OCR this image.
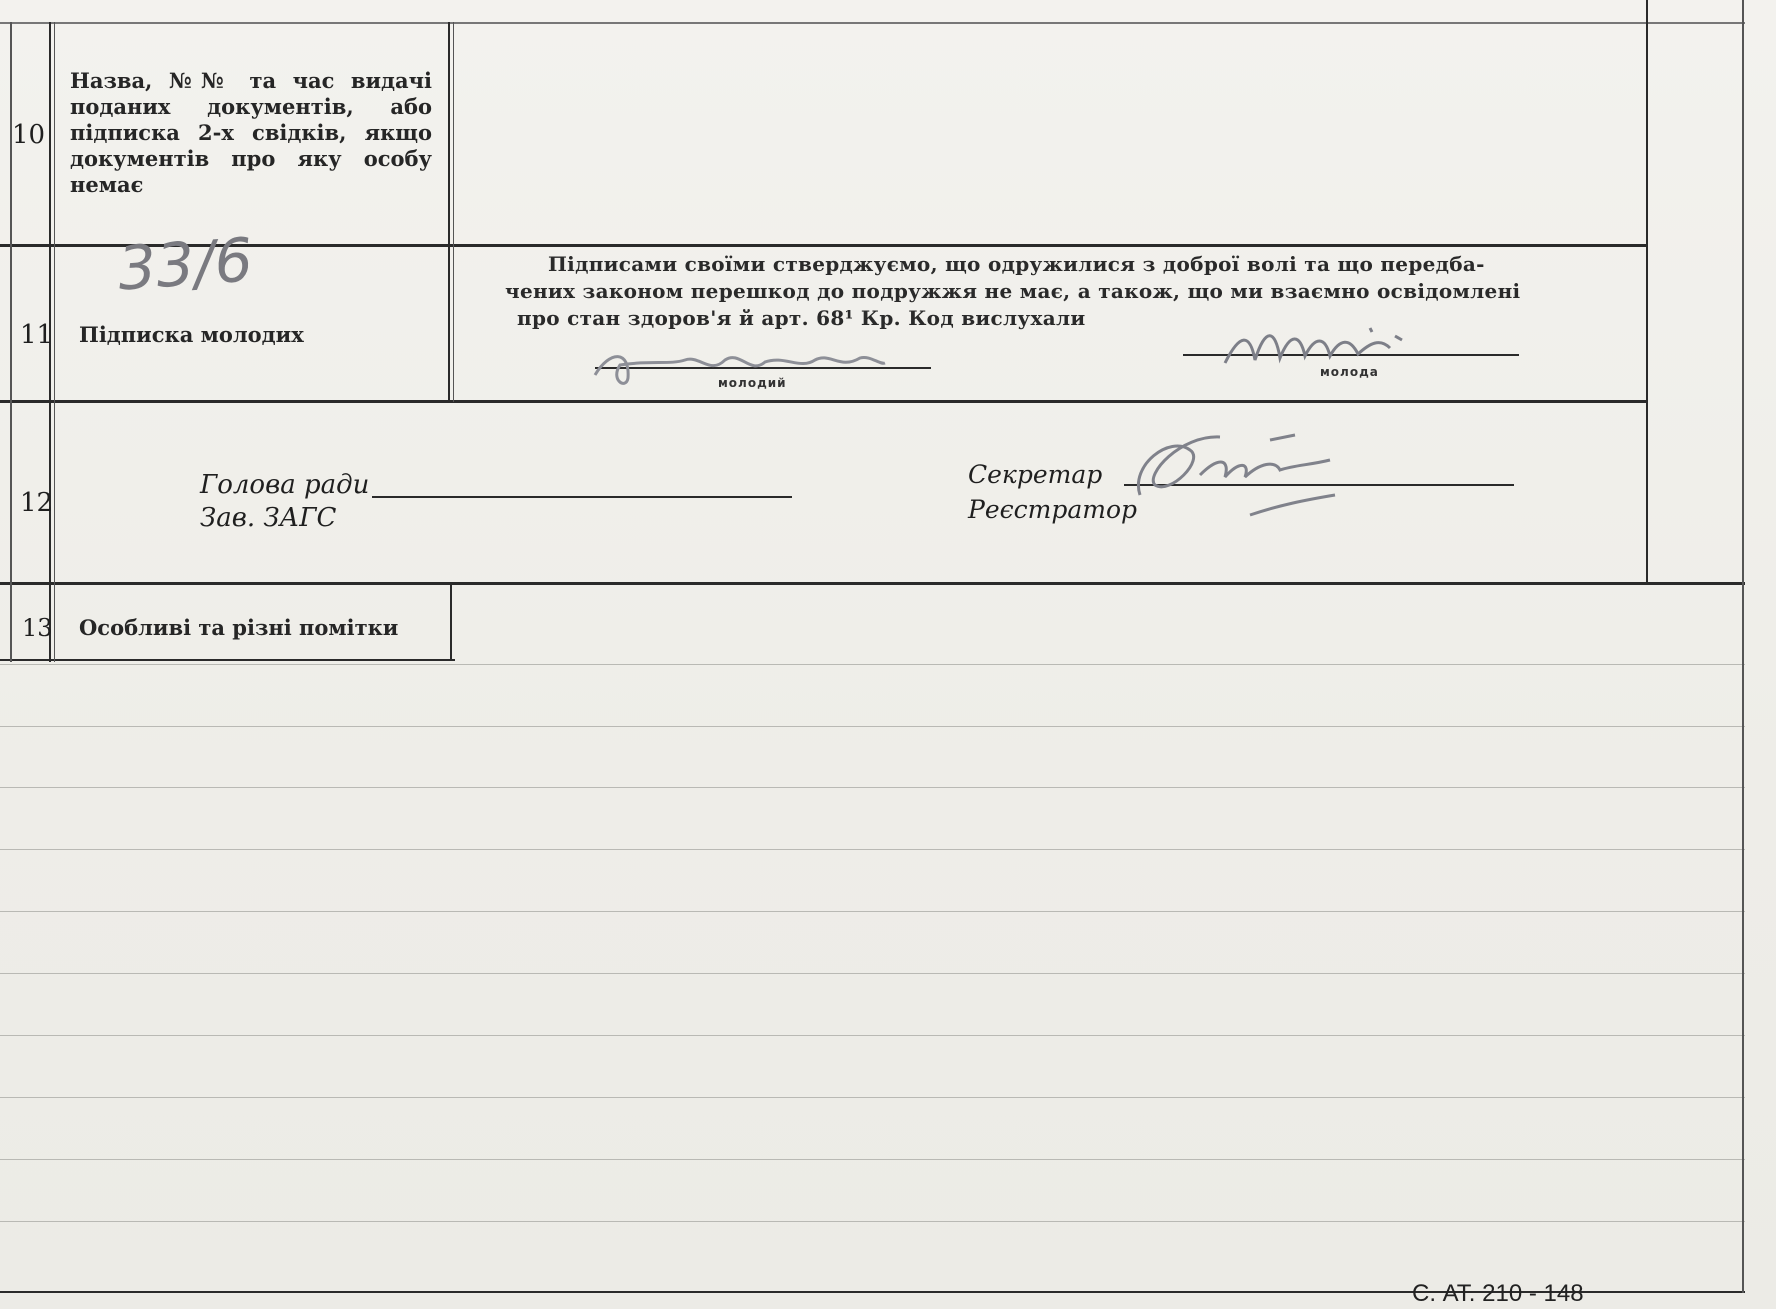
10
Назва, №№ та час видачі поданих документів, або підписка 2-х свідків, якщо документів про яку особу немає
11 Підписка молодих
33/6	Підписами своїми стверджуємо, що одружилися з доброї волі та що передба-
чених законом перешкод до подружжя не має, а також, що ми взаємно освідомлені
про стан здоров'я й арт. 68¹ Кр. Код вислухали
молодий
молода
12
Голова ради
Зав. ЗАГС
Секретар
Реєстратор
13 Особливі та різні помітки
С. АТ. 210 - 148
